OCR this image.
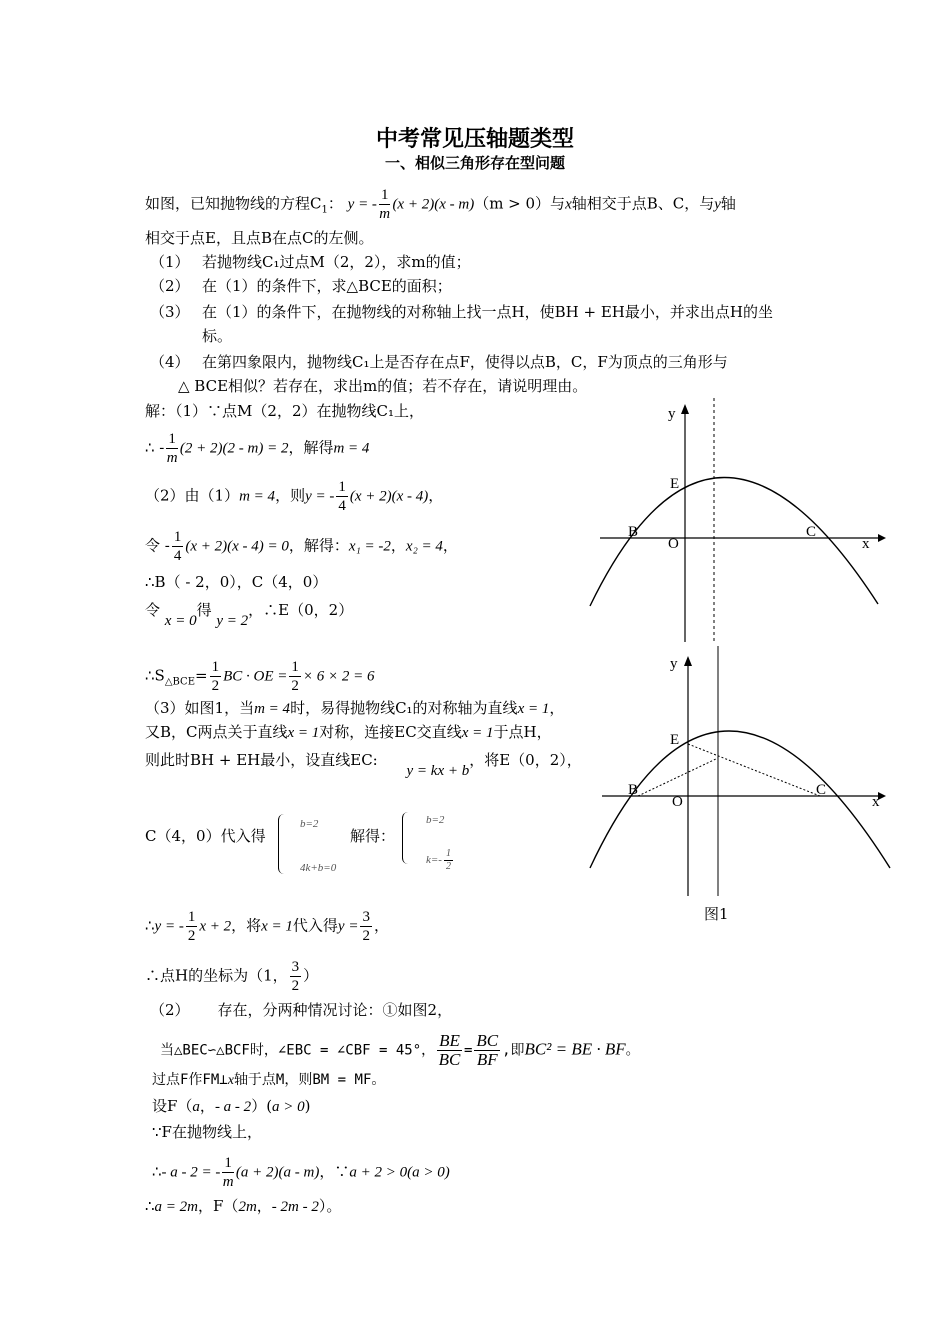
中考常见压轴题类型
一、相似三角形存在型问题
如图，已知抛物线的方程$C_1$： y = - $\frac{1}{m} (x + 2)(x - m)(m > 0)$与x轴相交于点B、C，与y轴
相交于点E，且点B在点C的左侧。
（1） 若抛物线C₁过点M（2，2），求m的值；
（2） 在（1）的条件下，求△BCE的面积；
（3） 在（1）的条件下，在抛物线的对称轴上找一点H，使BH + EH最小，并求出点H的坐
标。
（4） 在第四象限内，抛物线C₁上是否存在点F，使得以点B，C，F为顶点的三角形与
△ BCE相似？若存在，求出m的值；若不存在，请说明理由。
解：（1）∵点M（2，2）在抛物线C₁上，
∴ - $\frac{1}{m} (2 + 2)(2 - m) = 2$，解得m = 4
（2）由（1）m = 4，则y = - $\frac{1}{4} (x + 2)(x - 4)$，
令 - $\frac{1}{4} (x + 2)(x - 4) = 0$，解得：x₁ = -2，x₂ = 4，
∴B（ - 2，0），C（4，0）
令 x = 0得 y = 2，∴E（0，2）
$\therefore S_{\triangle BCE}= \frac{1}{2}$ BC · OE = $\frac{1}{2} \times 6 \times 2 = 6$
（3）如图1，当m = 4时，易得抛物线C₁的对称轴为直线x = 1，
又B，C两点关于直线x = 1对称，连接EC交直线x = 1于点H，
则此时BH + EH最小，设直线EC: y = kx + b，将E（0，2），
C（4，0）代入得
b=2
4k+b=0
解得：
b=2
$k=- \frac{1}{2}$
∴y = - $\frac{1}{2}$ x + 2，将x = 1代入得$y = \frac{3}{2}$ ，
∴点H的坐标为（1， $\frac{3}{2}$ ）
（2） 存在，分两种情况讨论：①如图2，
当△BEC∽△BCF时，∠EBC = ∠CBF = 45°， $\frac{BE}{BC} = \frac{BC}{BF}$ ,即BC² = BE · BF。
过点F作FM⊥x轴于点M，则BM = MF。
设F（a，- a - 2）(a > 0)
∵F在抛物线上，
∴- a - 2 = - $\frac{1}{m} (a + 2)(a - m)$，∵a + 2 > 0(a > 0)
∴a = 2m，F（2m，- 2m - 2）。
y
x
E
B
O
C
y
x
E
B
O
C
图1
